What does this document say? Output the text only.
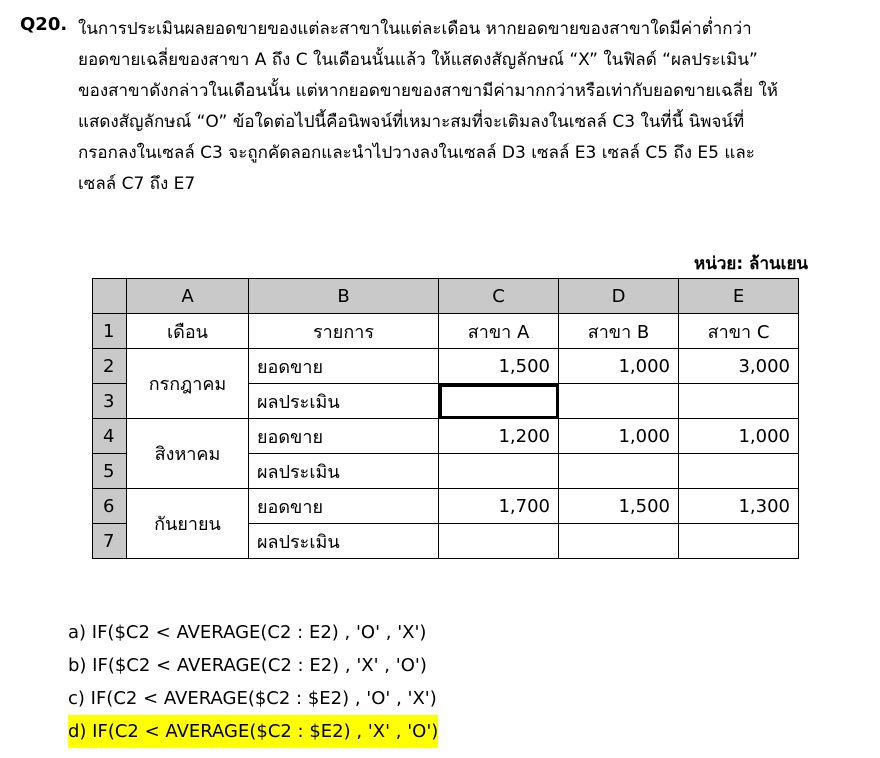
Q20. ในการประเมินผลยอดขายของแต่ละสาขาในแต่ละเดือน หากยอดขายของสาขาใดมีค่าต่ำกว่า
ยอดขายเฉลี่ยของสาขา A ถึง C ในเดือนนั้นแล้ว ให้แสดงสัญลักษณ์ “X” ในฟิลด์ “ผลประเมิน”
ของสาขาดังกล่าวในเดือนนั้น แต่หากยอดขายของสาขามีค่ามากกว่าหรือเท่ากับยอดขายเฉลี่ย ให้
แสดงสัญลักษณ์ “O” ข้อใดต่อไปนี้คือนิพจน์ที่เหมาะสมที่จะเติมลงในเซลล์ C3 ในที่นี้ นิพจน์ที่
กรอกลงในเซลล์ C3 จะถูกคัดลอกและนำไปวางลงในเซลล์ D3 เซลล์ E3 เซลล์ C5 ถึง E5 และ
เซลล์ C7 ถึง E7
หน่วย: ล้านเยน
	A	B	C	D	E
1	เดือน	รายการ	สาขา A	สาขา B	สาขา C
2	กรกฎาคม	ยอดขาย	1,500	1,000	3,000
3		ผลประเมิน			
4	สิงหาคม	ยอดขาย	1,200	1,000	1,000
5		ผลประเมิน			
6	กันยายน	ยอดขาย	1,700	1,500	1,300
7		ผลประเมิน			
a) IF($C2 < AVERAGE(C2 : E2) , 'O' , 'X')
b) IF($C2 < AVERAGE(C2 : E2) , 'X' , 'O')
c) IF(C2 < AVERAGE($C2 : $E2) , 'O' , 'X')
d) IF(C2 < AVERAGE($C2 : $E2) , 'X' , 'O')
